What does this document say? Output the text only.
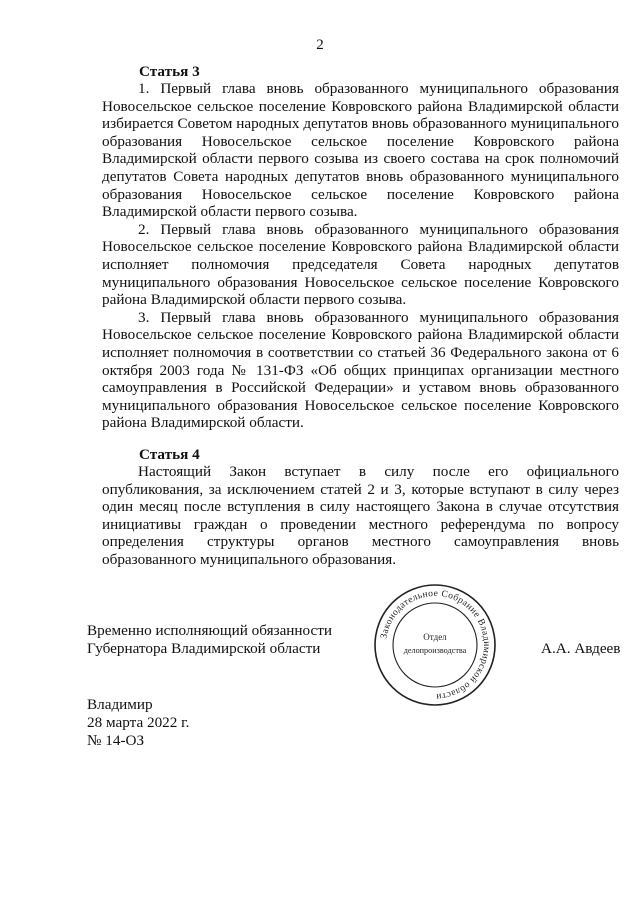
2
Статья 3

1. Первый глава вновь образованного муниципального образования Новосельское сельское поселение Ковровского района Владимирской области избирается Советом народных депутатов вновь образованного муниципального образования Новосельское сельское поселение Ковровского района Владимирской области первого созыва из своего состава на срок полномочий депутатов Совета народных депутатов вновь образованного муниципального образования Новосельское сельское поселение Ковровского района Владимирской области первого созыва.

2. Первый глава вновь образованного муниципального образования Новосельское сельское поселение Ковровского района Владимирской области исполняет полномочия председателя Совета народных депутатов муниципального образования Новосельское сельское поселение Ковровского района Владимирской области первого созыва.

3. Первый глава вновь образованного муниципального образования Новосельское сельское поселение Ковровского района Владимирской области исполняет полномочия в соответствии со статьей 36 Федерального закона от 6 октября 2003 года № 131-ФЗ «Об общих принципах организации местного самоуправления в Российской Федерации» и уставом вновь образованного муниципального образования Новосельское сельское поселение Ковровского района Владимирской области.

Статья 4

Настоящий Закон вступает в силу после его официального опубликования, за исключением статей 2 и 3, которые вступают в силу через один месяц после вступления в силу настоящего Закона в случае отсутствия инициативы граждан о проведении местного референдума по вопросу определения структуры органов местного самоуправления вновь образованного муниципального образования.

Временно исполняющий обязанности
Губернатора Владимирской области
Законодательное Собрание Владимирской области
Отдел
делопроизводства	А.А. Авдеев
Владимир
28 марта 2022 г.
№ 14-ОЗ
